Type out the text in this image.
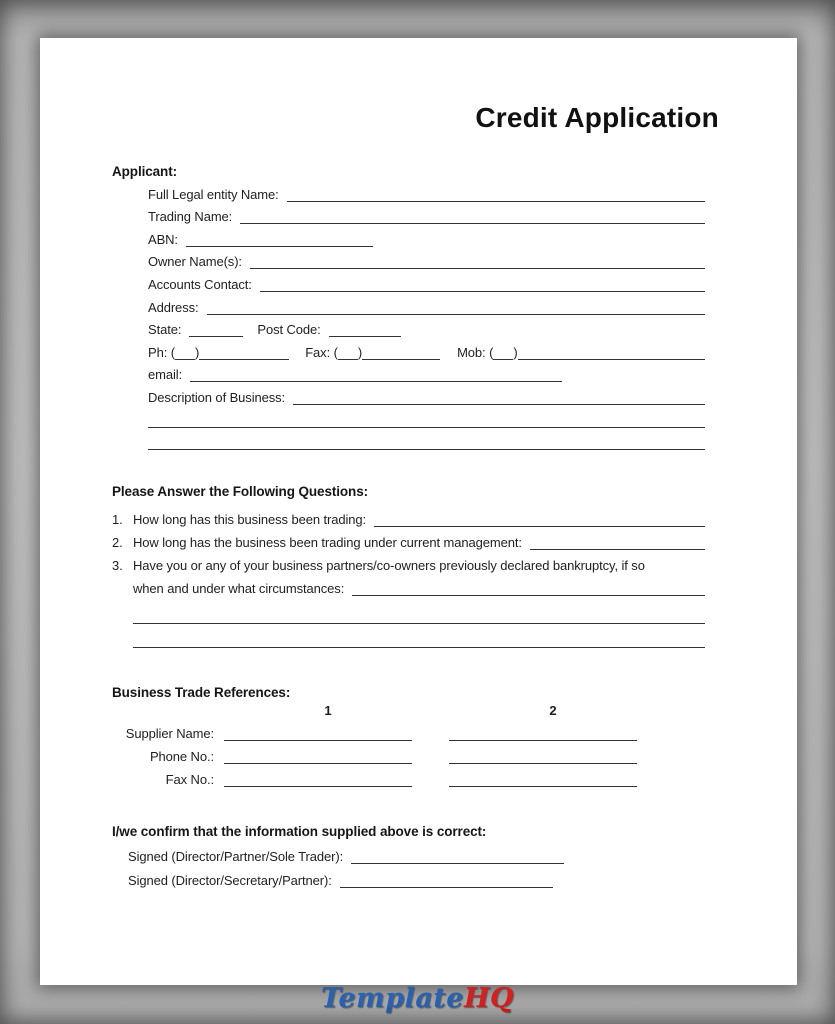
Credit Application
Applicant:
Full Legal entity Name:
Trading Name:
ABN:
Owner Name(s):
Accounts Contact:
Address:
State:	Post Code:
Ph: ( )	Fax: ( )	Mob: ( )
email:
Description of Business:
Please Answer the Following Questions:
1. How long has this business been trading:
2. How long has the business been trading under current management:
3. Have you or any of your business partners/co-owners previously declared bankruptcy, if so
when and under what circumstances:
Business Trade References:
1	2
Supplier Name:
Phone No.:
Fax No.:
I/we confirm that the information supplied above is correct:
Signed (Director/Partner/Sole Trader):
Signed (Director/Secretary/Partner):
TemplateHQ
